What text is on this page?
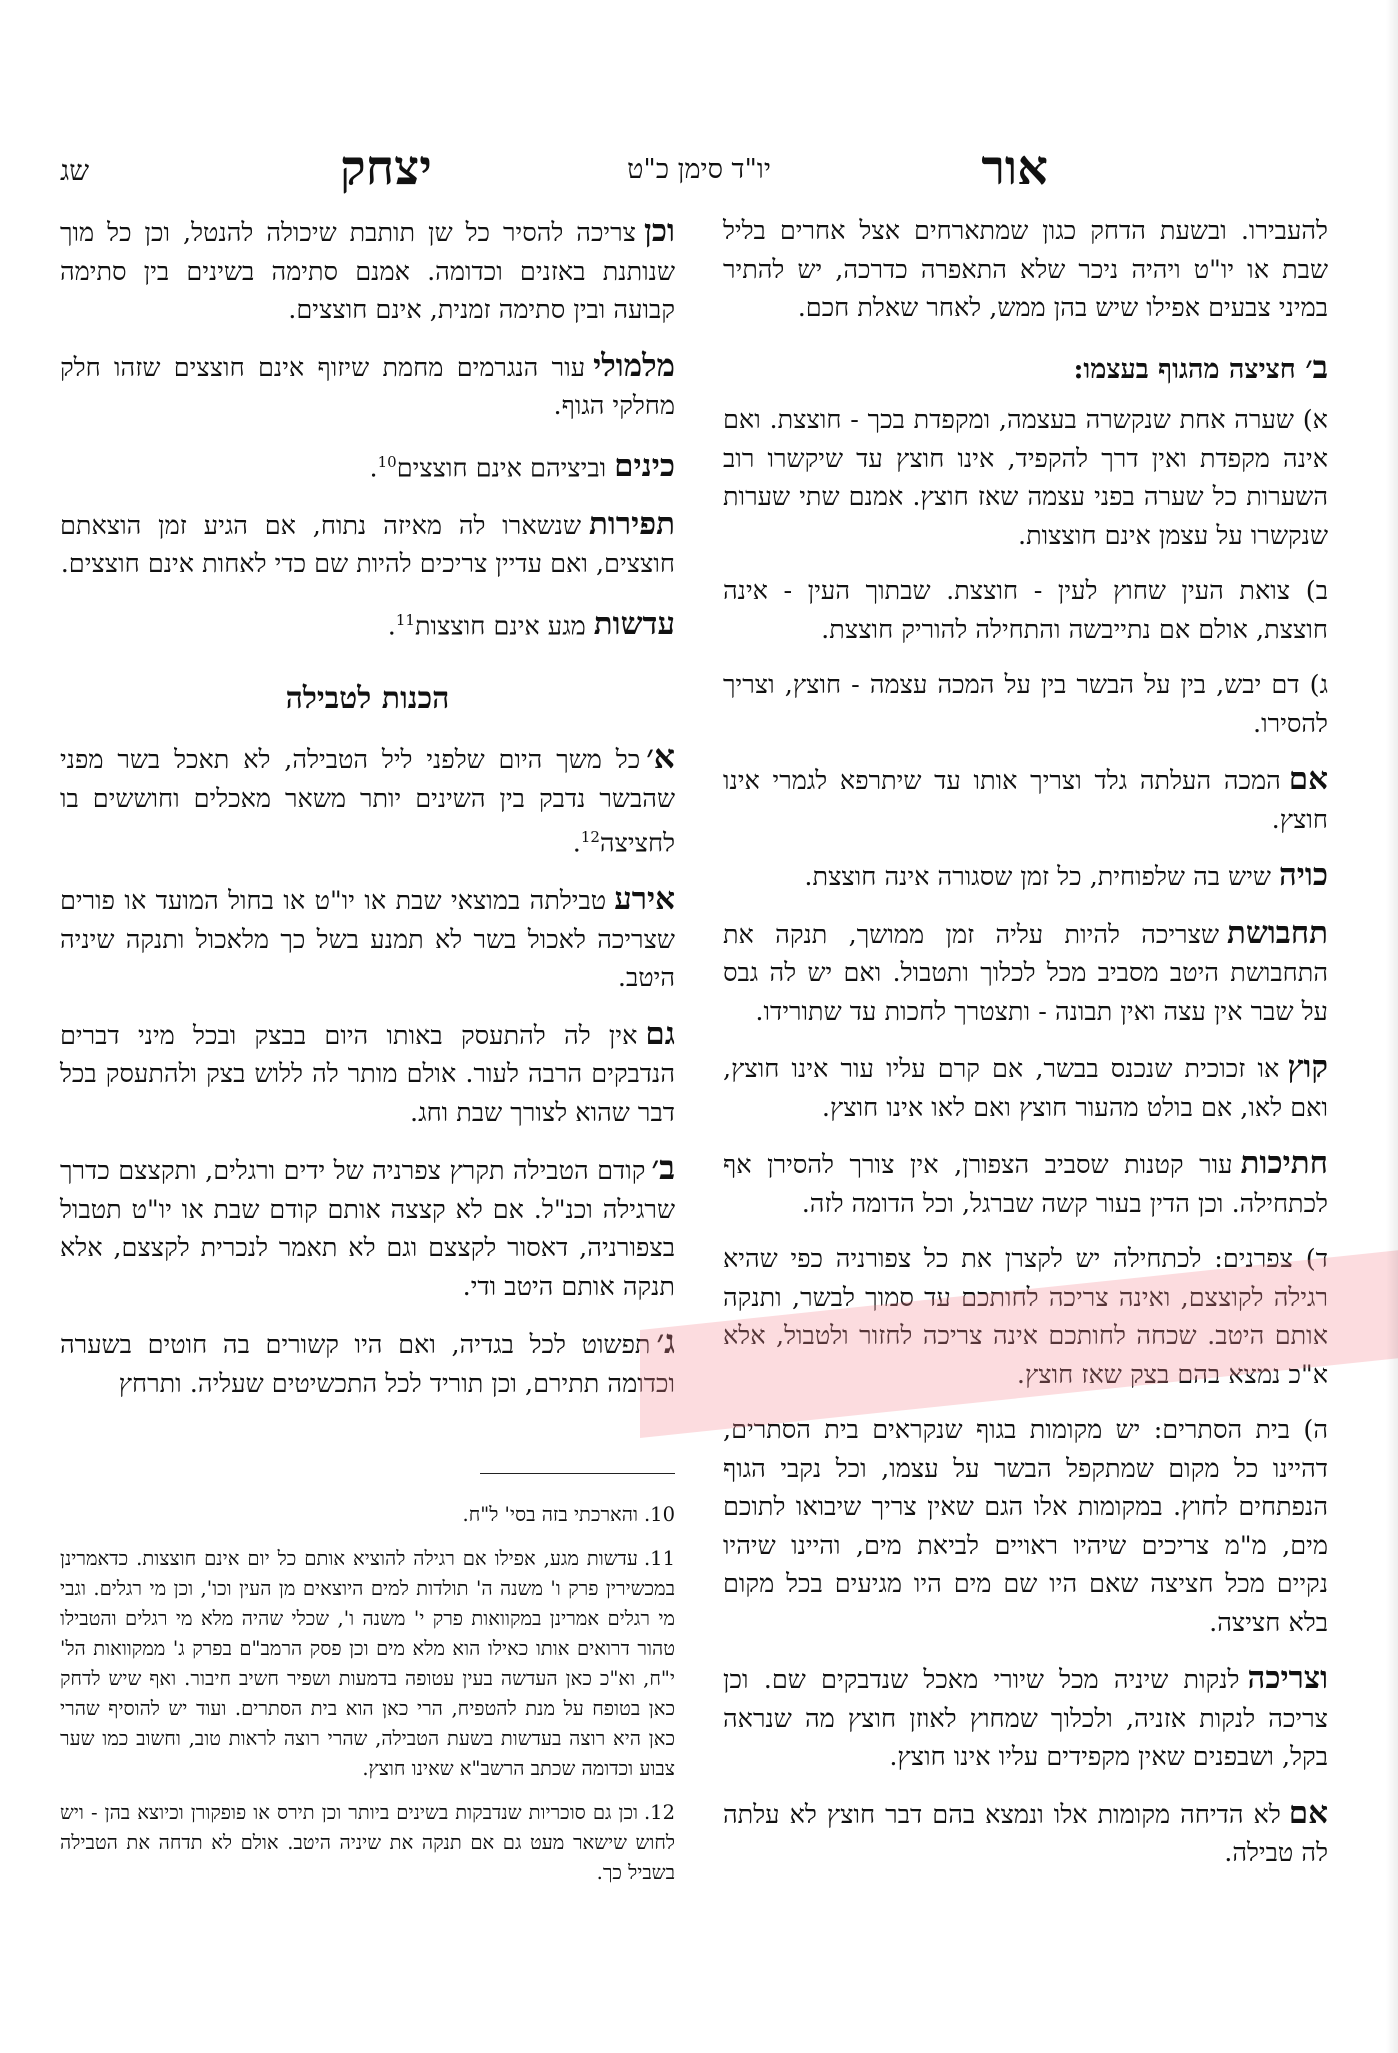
אור
יו"ד סימן כ"ט
יצחק
שג

להעבירו. ובשעת הדחק כגון שמתארחים אצל אחרים בליל שבת או יו"ט ויהיה ניכר שלא התאפרה כדרכה, יש להתיר במיני צבעים אפילו שיש בהן ממש, לאחר שאלת חכם.

ב׳ חציצה מהגוף בעצמו:

א) שערה אחת שנקשרה בעצמה, ומקפדת בכך - חוצצת. ואם אינה מקפדת ואין דרך להקפיד, אינו חוצץ עד שיקשרו רוב השערות כל שערה בפני עצמה שאז חוצץ. אמנם שתי שערות שנקשרו על עצמן אינם חוצצות.

ב) צואת העין שחוץ לעין - חוצצת. שבתוך העין - אינה חוצצת, אולם אם נתייבשה והתחילה להוריק חוצצת.

ג) דם יבש, בין על הבשר בין על המכה עצמה - חוצץ, וצריך להסירו.

אםהמכה העלתה גלד וצריך אותו עד שיתרפא לגמרי אינו חוצץ.

כויהשיש בה שלפוחית, כל זמן שסגורה אינה חוצצת.

תחבושתשצריכה להיות עליה זמן ממושך, תנקה את התחבושת היטב מסביב מכל לכלוך ותטבול. ואם יש לה גבס על שבר אין עצה ואין תבונה - ותצטרך לחכות עד שתורידו.

קוץאו זכוכית שנכנס בבשר, אם קרם עליו עור אינו חוצץ, ואם לאו, אם בולט מהעור חוצץ ואם לאו אינו חוצץ.

חתיכותעור קטנות שסביב הצפורן, אין צורך להסירן אף לכתחילה. וכן הדין בעור קשה שברגל, וכל הדומה לזה.

ד) צפרנים: לכתחילה יש לקצרן את כל צפורניה כפי שהיא רגילה לקוצצם, ואינה צריכה לחותכם עד סמוך לבשר, ותנקה אותם היטב. שכחה לחותכם אינה צריכה לחזור ולטבול, אלא א"כ נמצא בהם בצק שאז חוצץ.

ה) בית הסתרים: יש מקומות בגוף שנקראים בית הסתרים, דהיינו כל מקום שמתקפל הבשר על עצמו, וכל נקבי הגוף הנפתחים לחוץ. במקומות אלו הגם שאין צריך שיבואו לתוכם מים, מ"מ צריכים שיהיו ראויים לביאת מים, והיינו שיהיו נקיים מכל חציצה שאם היו שם מים היו מגיעים בכל מקום בלא חציצה.

וצריכהלנקות שיניה מכל שיורי מאכל שנדבקים שם. וכן צריכה לנקות אזניה, ולכלוך שמחוץ לאוזן חוצץ מה שנראה בקל, ושבפנים שאין מקפידים עליו אינו חוצץ.

אםלא הדיחה מקומות אלו ונמצא בהם דבר חוצץ לא עלתה לה טבילה.

וכןצריכה להסיר כל שן תותבת שיכולה להנטל, וכן כל מוך שנותנת באזנים וכדומה. אמנם סתימה בשינים בין סתימה קבועה ובין סתימה זמנית, אינם חוצצים.

מלמוליעור הנגרמים מחמת שיזוף אינם חוצצים שזהו חלק מחלקי הגוף.

כיניםוביציהם אינם חוצצים$^{10}$.

תפירותשנשארו לה מאיזה נתוח, אם הגיע זמן הוצאתם חוצצים, ואם עדיין צריכים להיות שם כדי לאחות אינם חוצצים.

עדשותמגע אינם חוצצות$^{11}$.

הכנות לטבילה

א׳כל משך היום שלפני ליל הטבילה, לא תאכל בשר מפני שהבשר נדבק בין השינים יותר משאר מאכלים וחוששים בו לחציצה$^{12}$.

אירעטבילתה במוצאי שבת או יו"ט או בחול המועד או פורים שצריכה לאכול בשר לא תמנע בשל כך מלאכול ותנקה שיניה היטב.

גםאין לה להתעסק באותו היום בבצק ובכל מיני דברים הנדבקים הרבה לעור. אולם מותר לה ללוש בצק ולהתעסק בכל דבר שהוא לצורך שבת וחג.

ב׳קודם הטבילה תקרץ צפרניה של ידים ורגלים, ותקצצם כדרך שרגילה וכנ"ל. אם לא קצצה אותם קודם שבת או יו"ט תטבול בצפורניה, דאסור לקצצם וגם לא תאמר לנכרית לקצצם, אלא תנקה אותם היטב ודי.

ג׳תפשוט לכל בגדיה, ואם היו קשורים בה חוטים בשערה וכדומה תתירם, וכן תוריד לכל התכשיטים שעליה. ותרחץ

10.והארכתי בזה בסי' ל"ח.

11.עדשות מגע, אפילו אם רגילה להוציא אותם כל יום אינם חוצצות. כדאמרינן במכשירין פרק ו' משנה ה' תולדות למים היוצאים מן העין וכו', וכן מי רגלים. וגבי מי רגלים אמרינן במקוואות פרק י' משנה ו', שכלי שהיה מלא מי רגלים והטבילו טהור דרואים אותו כאילו הוא מלא מים וכן פסק הרמב"ם בפרק ג' ממקוואות הל' י"ח, וא"כ כאן העדשה בעין עטופה בדמעות ושפיר חשיב חיבור. ואף שיש לדחק כאן בטופח על מנת להטפיח, הרי כאן הוא בית הסתרים. ועוד יש להוסיף שהרי כאן היא רוצה בעדשות בשעת הטבילה, שהרי רוצה לראות טוב, וחשוב כמו שער צבוע וכדומה שכתב הרשב"א שאינו חוצץ.

12.וכן גם סוכריות שנדבקות בשינים ביותר וכן תירס או פופקורן וכיוצא בהן - ויש לחוש שישאר מעט גם אם תנקה את שיניה היטב. אולם לא תדחה את הטבילה בשביל כך.
